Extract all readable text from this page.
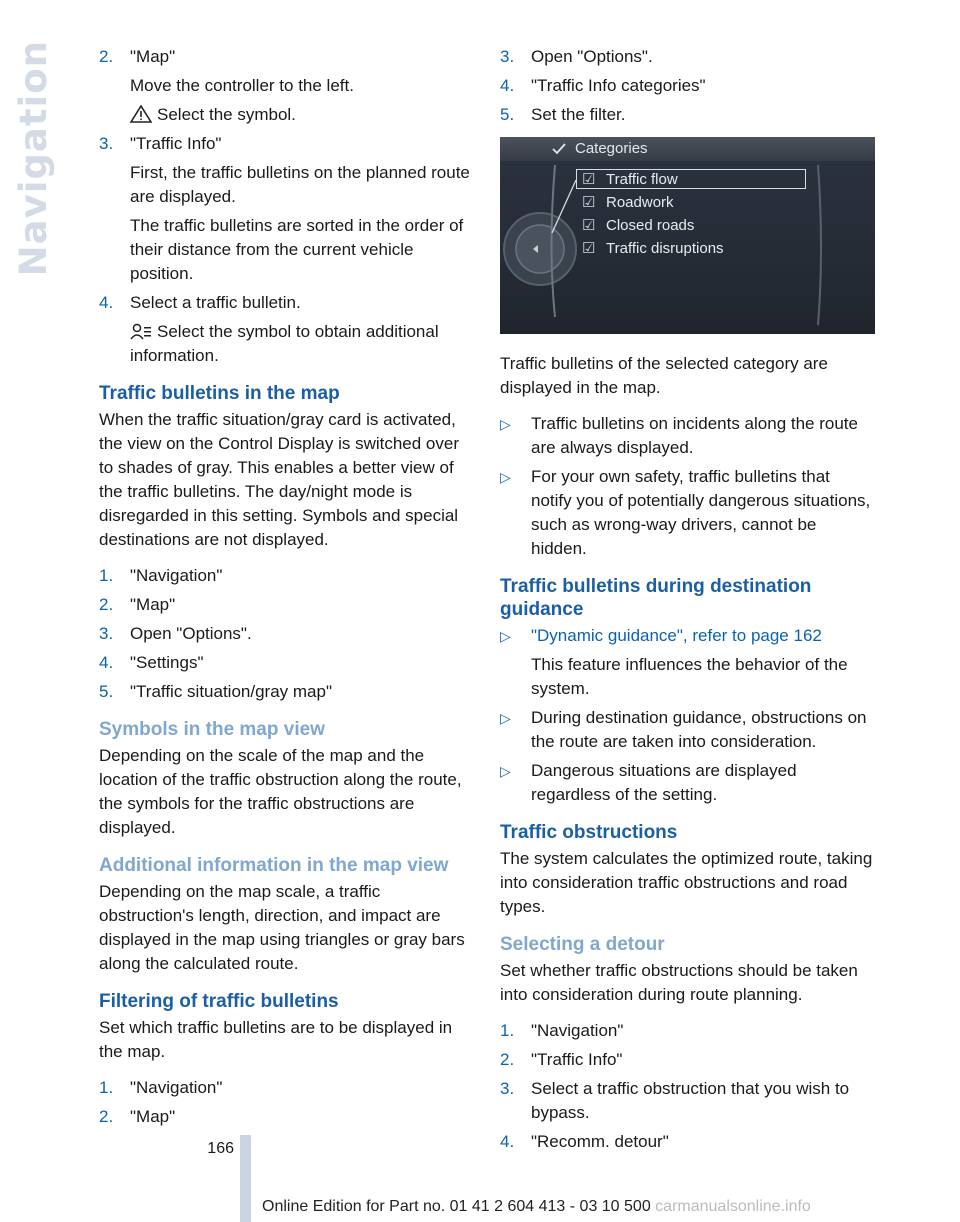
Navigation	2. "Map"
Move the controller to the left.
Select the symbol.
3. "Traffic Info"
First, the traffic bulletins on the planned route are displayed.
The traffic bulletins are sorted in the order of their distance from the current vehicle position.
4. Select a traffic bulletin.
Select the symbol to obtain additional information.
Traffic bulletins in the map
When the traffic situation/gray card is activated, the view on the Control Display is switched over to shades of gray. This enables a better view of the traffic bulletins. The day/night mode is disregarded in this setting. Symbols and special destinations are not displayed.
1. "Navigation"
2. "Map"
3. Open "Options".
4. "Settings"
5. "Traffic situation/gray map"
Symbols in the map view
Depending on the scale of the map and the location of the traffic obstruction along the route, the symbols for the traffic obstructions are displayed.
Additional information in the map view
Depending on the map scale, a traffic obstruction's length, direction, and impact are displayed in the map using triangles or gray bars along the calculated route.
Filtering of traffic bulletins
Set which traffic bulletins are to be displayed in the map.
1. "Navigation"
2. "Map"
3. Open "Options".
4. "Traffic Info categories"
5. Set the filter.
Categories
☑ Traffic flow
☑ Roadwork
☑ Closed roads
☑ Traffic disruptions
Traffic bulletins of the selected category are displayed in the map.
▷	Traffic bulletins on incidents along the route are always displayed.
▷	For your own safety, traffic bulletins that notify you of potentially dangerous situations, such as wrong-way drivers, cannot be hidden.
Traffic bulletins during destination guidance
▷	"Dynamic guidance", refer to page 162
This feature influences the behavior of the system.
▷	During destination guidance, obstructions on the route are taken into consideration.
▷	Dangerous situations are displayed regardless of the setting.
Traffic obstructions
The system calculates the optimized route, taking into consideration traffic obstructions and road types.
Selecting a detour
Set whether traffic obstructions should be taken into consideration during route planning.
1. "Navigation"
2. "Traffic Info"
3. Select a traffic obstruction that you wish to bypass.
4. "Recomm. detour"
166
Online Edition for Part no. 01 41 2 604 413 - 03 10 500 carmanualsonline.info
